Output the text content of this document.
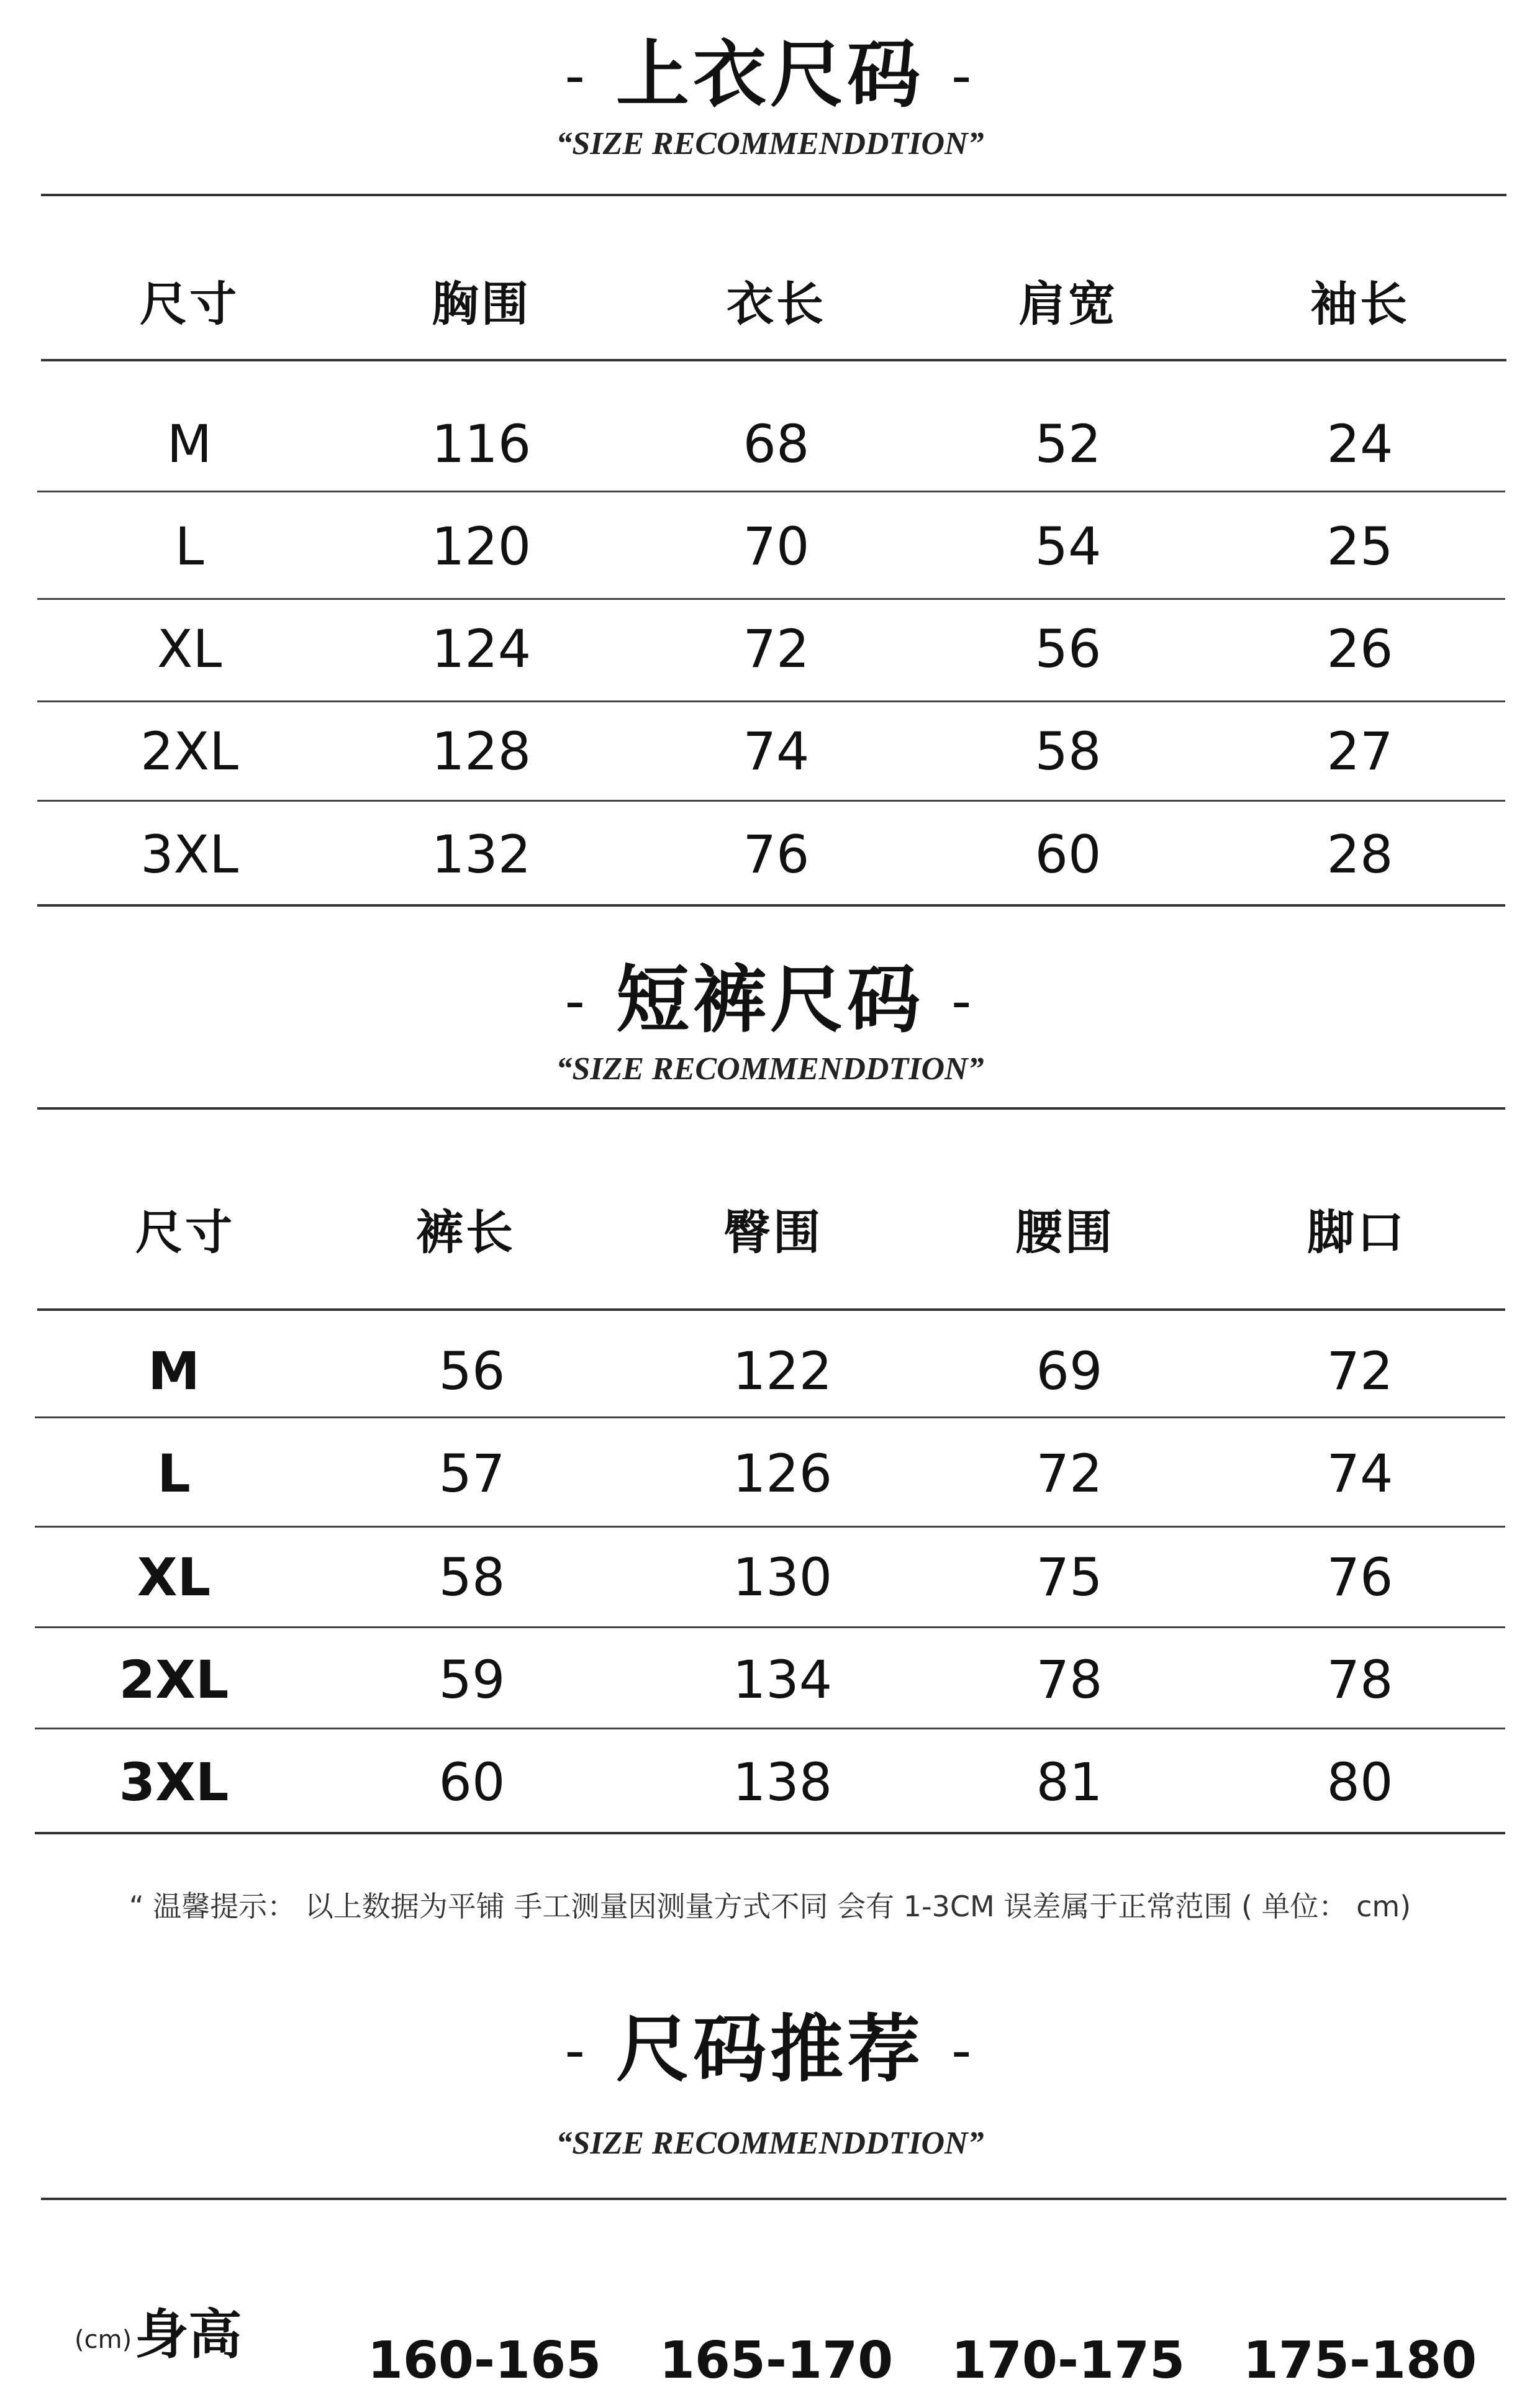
- 上衣尺码 -
“SIZE RECOMMENDDTION”
尺寸	胸围	衣长	肩宽	袖长
M	116	68	52	24
L	120	70	54	25
XL	124	72	56	26
2XL	128	74	58	27
3XL	132	76	60	28
- 短裤尺码 -
“SIZE RECOMMENDDTION”
尺寸	裤长	臀围	腰围	脚口
M	56	122	69	72
L	57	126	72	74
XL	58	130	75	76
2XL	59	134	78	78
3XL	60	138	81	80
“ 温馨提示： 以上数据为平铺 手工测量因测量方式不同 会有 1-3CM 误差属于正常范围 ( 单位： cm)
- 尺码推荐 -
“SIZE RECOMMENDDTION”
(cm) 身高 160-165 165-170 170-175 175-180
